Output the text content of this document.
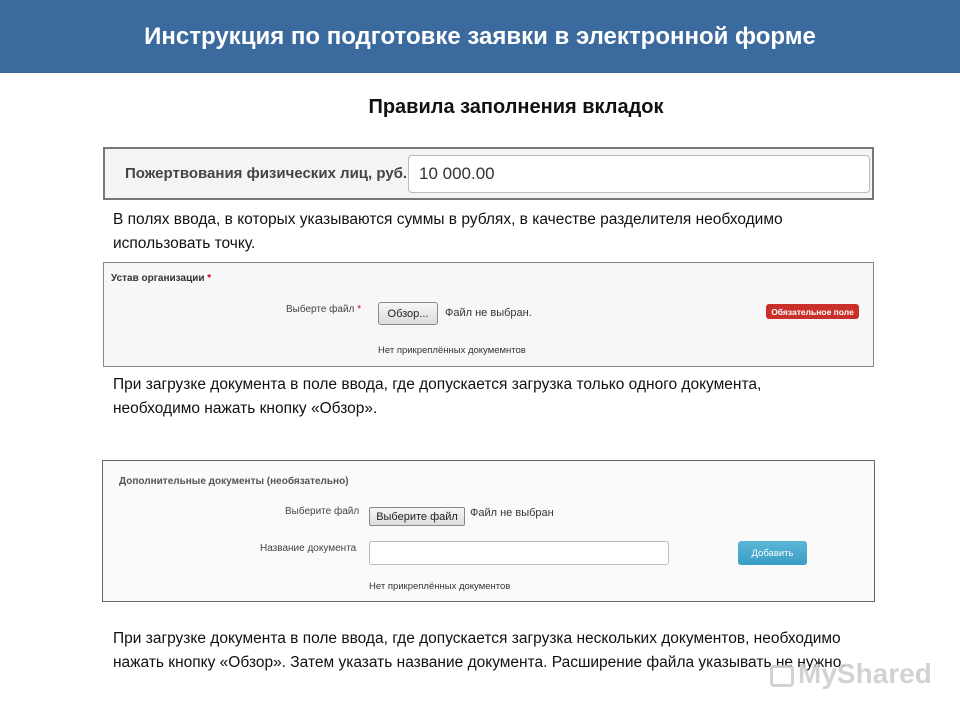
Инструкция по подготовке заявки в электронной форме
Правила заполнения вкладок
Пожертвования физических лиц, руб. 10 000.00
В полях ввода, в которых указываются суммы в рублях, в качестве разделителя необходимо использовать точку.
Устав организации *
Выберте файл *	Обзор...	Файл не выбран.	Обязательное поле
Нет прикреплённых докумемнтов
При загрузке документа в поле ввода, где допускается загрузка только одного документа, необходимо нажать кнопку «Обзор».
Дополнительные документы (необязательно)
Выберите файл	Выберите файл	Файл не выбран
Название документа	Добавить
Нет прикреплённых документов
При загрузке документа в поле ввода, где допускается загрузка нескольких документов, необходимо нажать кнопку «Обзор». Затем указать название документа. Расширение файла указывать не нужно.
MyShared
